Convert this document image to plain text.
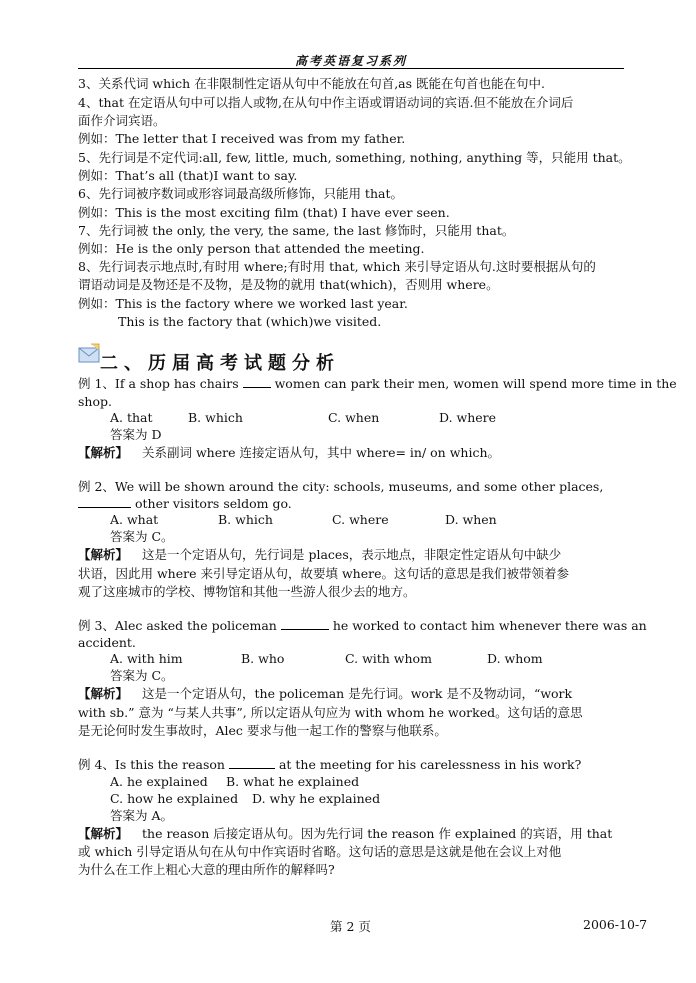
高考英语复习系列
3、关系代词 which 在非限制性定语从句中不能放在句首,as 既能在句首也能在句中.
4、that 在定语从句中可以指人或物,在从句中作主语或谓语动词的宾语.但不能放在介词后
面作介词宾语。
例如：The letter that I received was from my father.
5、先行词是不定代词:all, few, little, much, something, nothing, anything 等，只能用 that。
例如：That’s all (that)I want to say.
6、先行词被序数词或形容词最高级所修饰，只能用 that。
例如：This is the most exciting film (that) I have ever seen.
7、先行词被 the only, the very, the same, the last 修饰时，只能用 that。
例如：He is the only person that attended the meeting.
8、先行词表示地点时,有时用 where;有时用 that, which 来引导定语从句.这时要根据从句的
谓语动词是及物还是不及物，是及物的就用 that(which)，否则用 where。
例如：This is the factory where we worked last year.
This is the factory that (which)we visited.
二、历届高考试题分析
例 1、If a shop has chairs	women can park their men, women will spend more time in the
shop.
A. that	B. which	C. when	D. where
答案为 D
【解析】 关系副词 where 连接定语从句，其中 where= in/ on which。
例 2、We will be shown around the city: schools, museums, and some other places,
other visitors seldom go.
A. what	B. which	C. where	D. when
答案为 C。
【解析】 这是一个定语从句，先行词是 places，表示地点，非限定性定语从句中缺少
状语，因此用 where 来引导定语从句，故要填 where。这句话的意思是我们被带领着参
观了这座城市的学校、博物馆和其他一些游人很少去的地方。
例 3、Alec asked the policeman	he worked to contact him whenever there was an
accident.
A. with him	B. who	C. with whom	D. whom
答案为 C。
【解析】 这是一个定语从句，the policeman 是先行词。work 是不及物动词，“work
with sb.” 意为 “与某人共事”, 所以定语从句应为 with whom he worked。这句话的意思
是无论何时发生事故时，Alec 要求与他一起工作的警察与他联系。
例 4、Is this the reason	at the meeting for his carelessness in his work?
A. he explained B. what he explained
C. how he explained D. why he explained
答案为 A。
【解析】 the reason 后接定语从句。因为先行词 the reason 作 explained 的宾语，用 that
或 which 引导定语从句在从句中作宾语时省略。这句话的意思是这就是他在会议上对他
为什么在工作上粗心大意的理由所作的解释吗?
第 2 页	2006-10-7
